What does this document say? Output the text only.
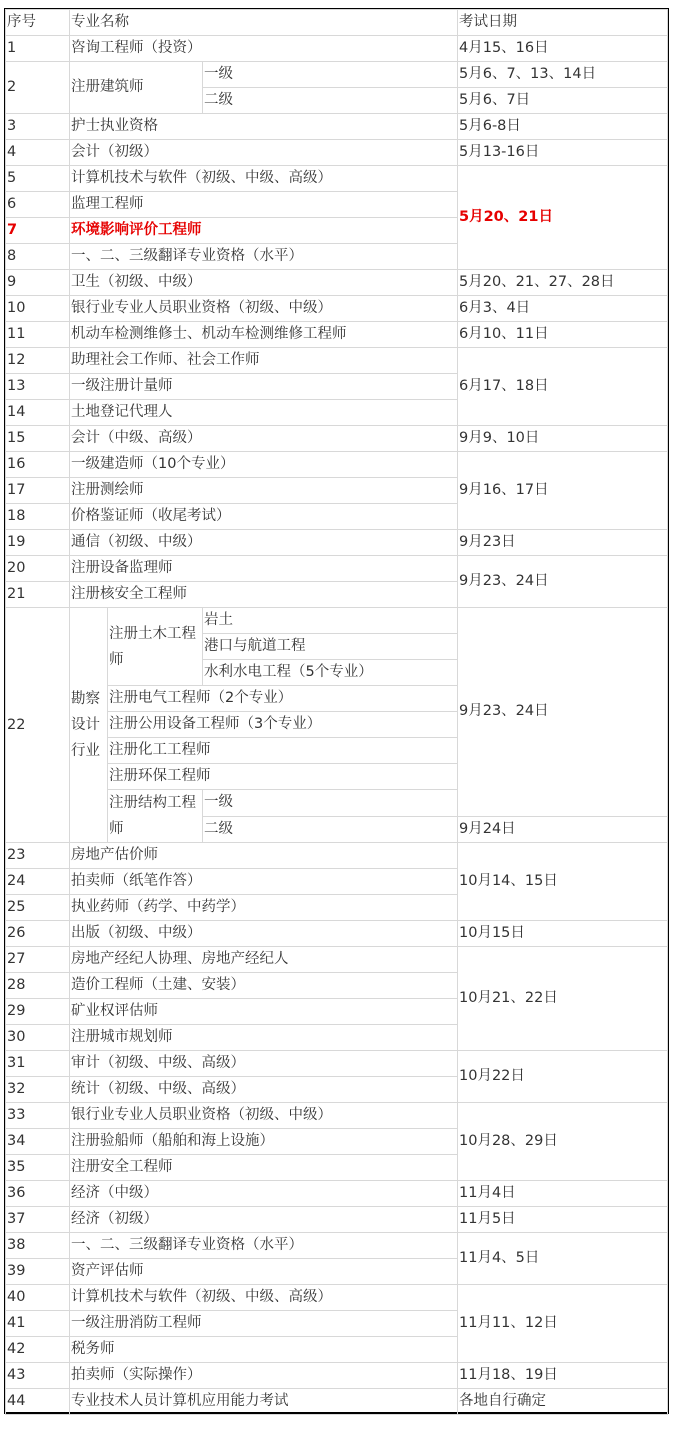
序号	专业名称			考试日期
1	咨询工程师（投资）			4月15、16日
2	注册建筑师		一级	5月6、7、13、14日
			二级	5月6、7日
3	护士执业资格			5月6-8日
4	会计（初级）			5月13-16日
5	计算机技术与软件（初级、中级、高级）			5月20、21日
6	监理工程师			
7	环境影响评价工程师			
8	一、二、三级翻译专业资格（水平）			
9	卫生（初级、中级）			5月20、21、27、28日
10	银行业专业人员职业资格（初级、中级）			6月3、4日
11	机动车检测维修士、机动车检测维修工程师			6月10、11日
12	助理社会工作师、社会工作师			6月17、18日
13	一级注册计量师			
14	土地登记代理人			
15	会计（中级、高级）			9月9、10日
16	一级建造师（10个专业）			9月16、17日
17	注册测绘师			
18	价格鉴证师（收尾考试）			
19	通信（初级、中级）			9月23日
20	注册设备监理师			9月23、24日
21	注册核安全工程师			
22	勘察设计行业	注册土木工程师	岩土	9月23、24日
			港口与航道工程	
			水利水电工程（5个专业）	
		注册电气工程师（2个专业）		
		注册公用设备工程师（3个专业）		
		注册化工工程师		
		注册环保工程师		
		注册结构工程师	一级	
			二级	9月24日
23	房地产估价师			10月14、15日
24	拍卖师（纸笔作答）			
25	执业药师（药学、中药学）			
26	出版（初级、中级）			10月15日
27	房地产经纪人协理、房地产经纪人			10月21、22日
28	造价工程师（土建、安装）			
29	矿业权评估师			
30	注册城市规划师			
31	审计（初级、中级、高级）			10月22日
32	统计（初级、中级、高级）			
33	银行业专业人员职业资格（初级、中级）			10月28、29日
34	注册验船师（船舶和海上设施）			
35	注册安全工程师			
36	经济（中级）			11月4日
37	经济（初级）			11月5日
38	一、二、三级翻译专业资格（水平）			11月4、5日
39	资产评估师			
40	计算机技术与软件（初级、中级、高级）			11月11、12日
41	一级注册消防工程师			
42	税务师			
43	拍卖师（实际操作）			11月18、19日
44	专业技术人员计算机应用能力考试			各地自行确定
